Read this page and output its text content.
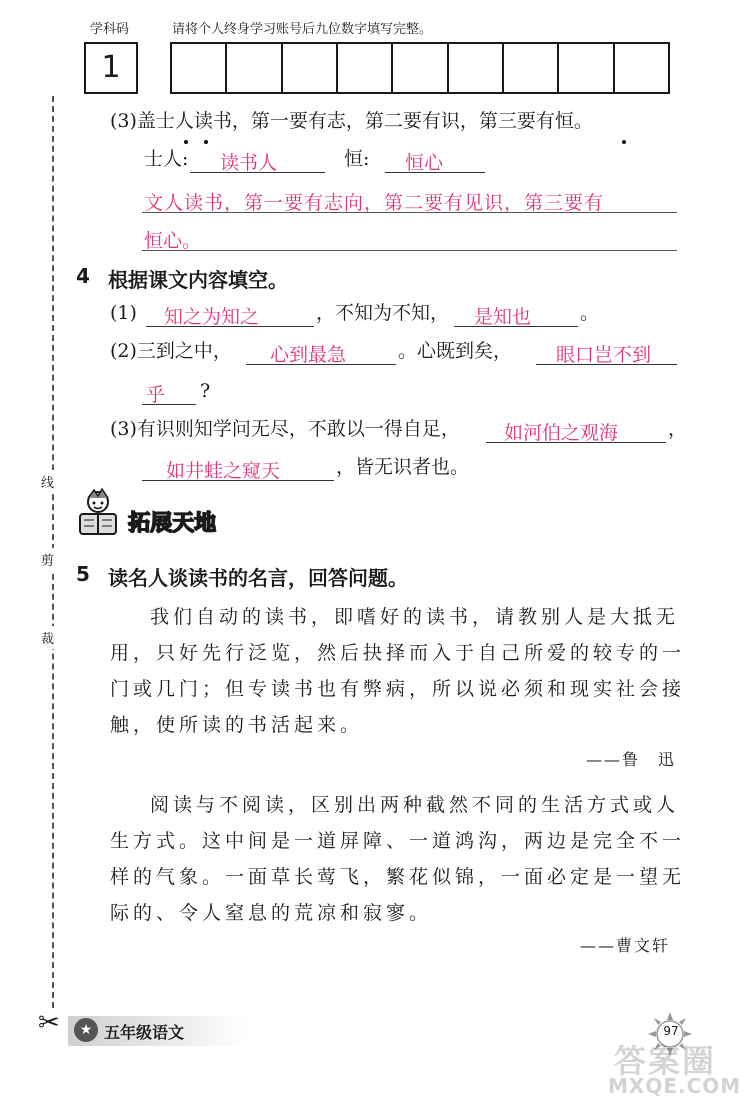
学科码	请将个人终身学习账号后九位数字填写完整。
1
线
剪
裁
✂
(3)盖士人读书，第一要有志，第二要有识，第三要有恒。
士人: 读书人	恒: 恒心
文人读书，第一要有志向，第二要有见识，第三要有
恒心。
4 根据课文内容填空。
(1) 知之为知之	，不知为不知， 是知也	。
(2)三到之中， 心到最急	。心既到矣， 眼口岂不到
乎 ?
(3)有识则知学问无尽，不敢以一得自足， 如河伯之观海	，
如井蛙之窥天	，皆无识者也。
拓展天地
5 读名人谈读书的名言，回答问题。
我们自动的读书，即嗜好的读书，请教别人是大抵无
用，只好先行泛览，然后抉择而入于自己所爱的较专的一
门或几门；但专读书也有弊病，所以说必须和现实社会接
触，使所读的书活起来。
——鲁　迅
阅读与不阅读，区别出两种截然不同的生活方式或人
生方式。这中间是一道屏障、一道鸿沟，两边是完全不一
样的气象。一面草长莺飞，繁花似锦，一面必定是一望无
际的、令人窒息的荒凉和寂寥。
——曹文轩
★ 五年级语文	97
答案圈
MXQE.COM
